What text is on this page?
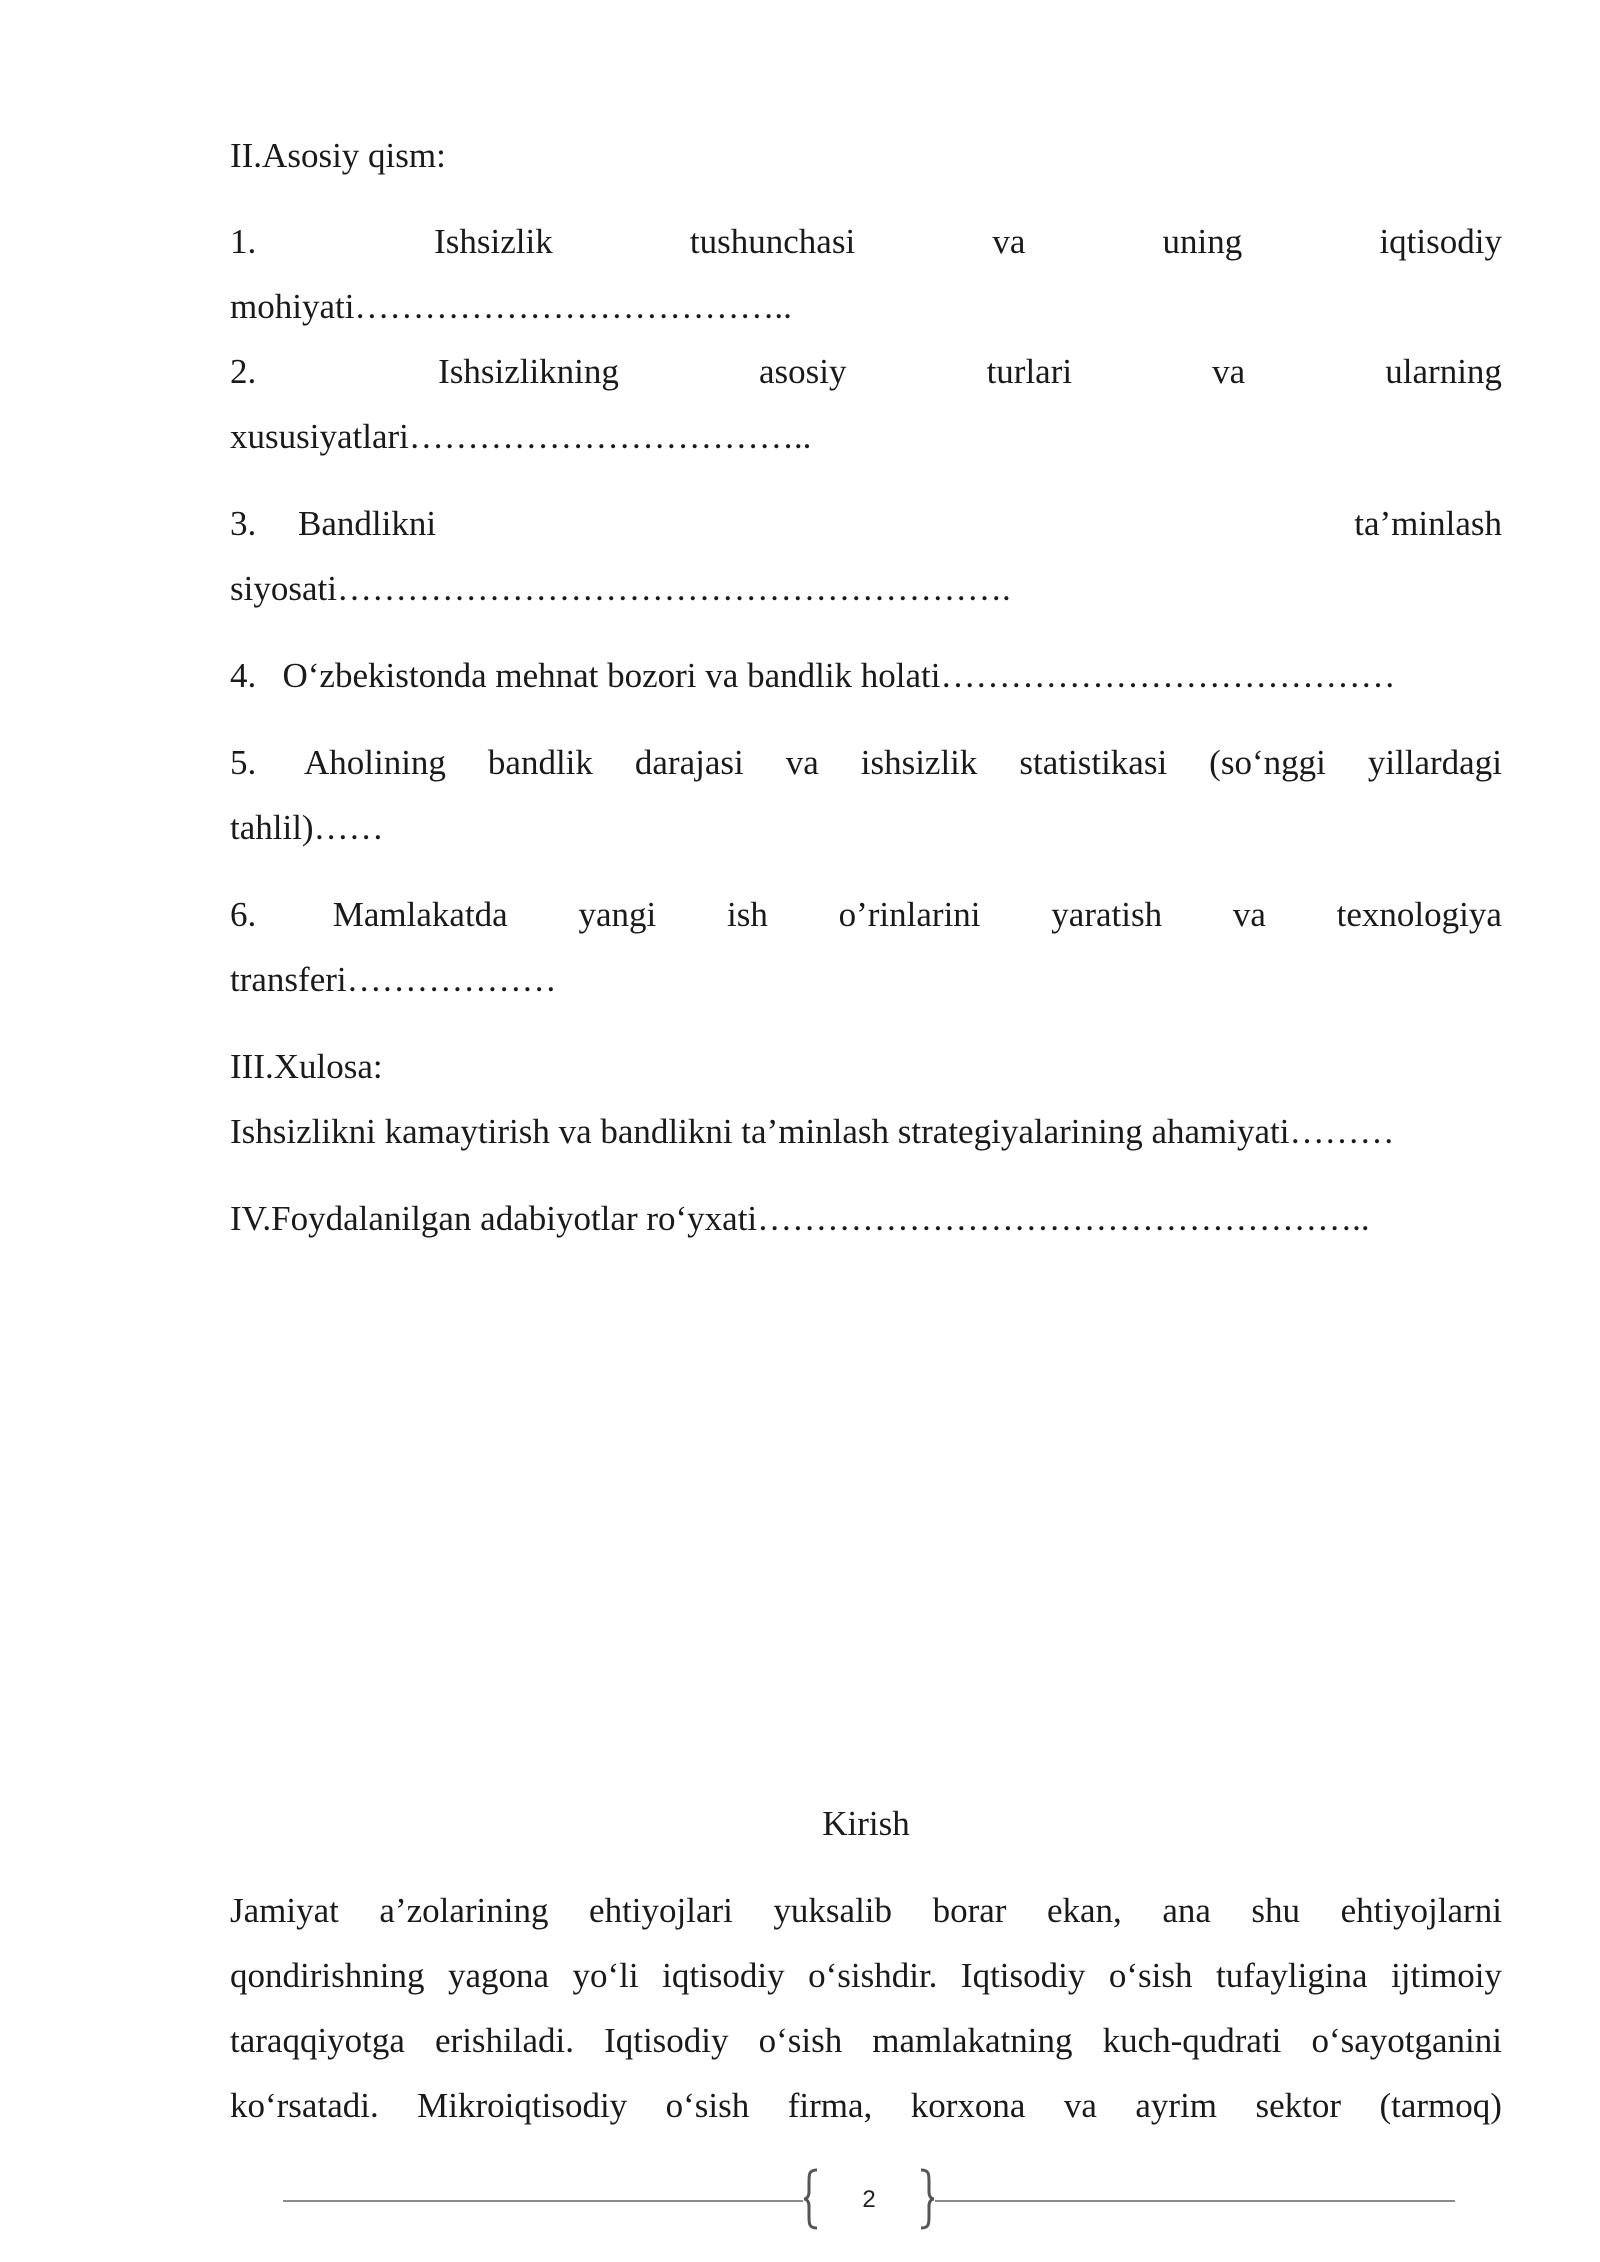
II.Asosiy qism:
1.	Ishsizlik	tushunchasi	va	uning	iqtisodiy
mohiyati………………………………..
2.	Ishsizlikning	asosiy	turlari	va	ularning
xususiyatlari……………………………..
3. Bandlikni	ta’minlash
siyosati………………………………………………….
4.   O‘zbekistonda mehnat bozori va bandlik holati…………………………………
5.	Aholining bandlik darajasi va ishsizlik statistikasi (so‘nggi yillardagi
tahlil)……
6.	Mamlakatda yangi ish o’rinlarini yaratish va texnologiya
transferi………………
III.Xulosa:
Ishsizlikni kamaytirish va bandlikni ta’minlash strategiyalarining ahamiyati………
IV.Foydalanilgan adabiyotlar ro‘yxati……………………………………………..
Kirish
Jamiyat a’zolarining ehtiyojlari yuksalib borar ekan, ana shu ehtiyojlarni
qondirishning yagona yo‘li iqtisodiy o‘sishdir. Iqtisodiy o‘sish tufayligina ijtimoiy
taraqqiyotga erishiladi. Iqtisodiy o‘sish mamlakatning kuch-qudrati o‘sayotganini
ko‘rsatadi. Mikroiqtisodiy o‘sish firma, korxona va ayrim sektor (tarmoq)
2
